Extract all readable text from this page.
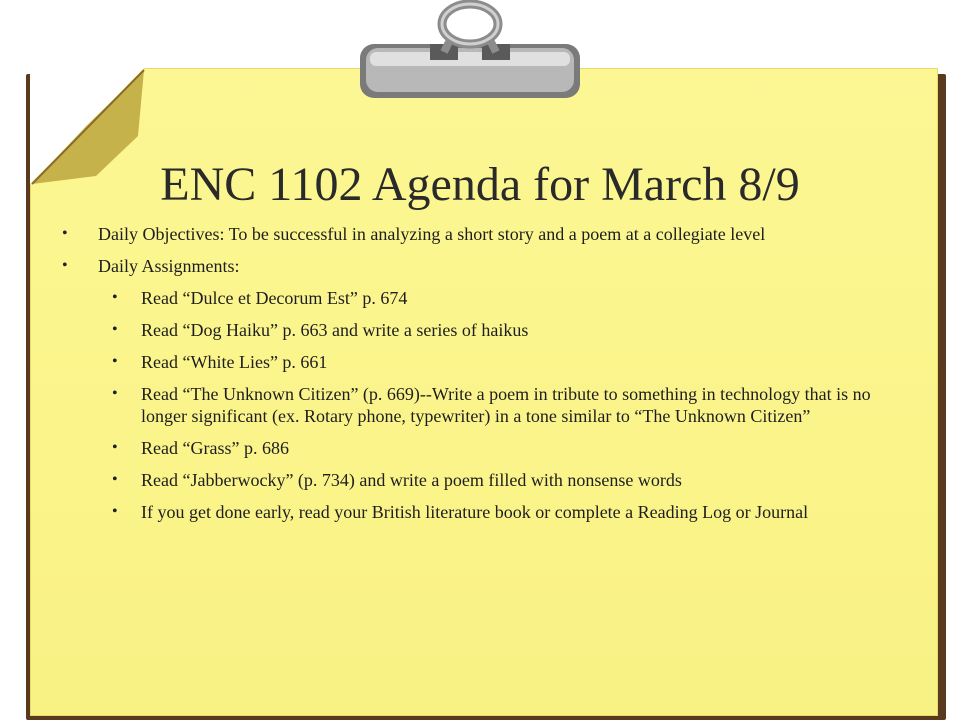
ENC 1102 Agenda for March 8/9
•	Daily Objectives: To be successful in analyzing a short story and a poem at a collegiate level
•	Daily Assignments:
•	Read “Dulce et Decorum Est” p. 674
•	Read “Dog Haiku” p. 663 and write a series of haikus
•	Read “White Lies” p. 661
•	Read “The Unknown Citizen” (p. 669)--Write a poem in tribute to something in technology that is no longer significant (ex. Rotary phone, typewriter) in a tone similar to “The Unknown Citizen”
•	Read “Grass” p. 686
•	Read “Jabberwocky” (p. 734) and write a poem filled with nonsense words
•	If you get done early, read your British literature book or complete a Reading Log or Journal
